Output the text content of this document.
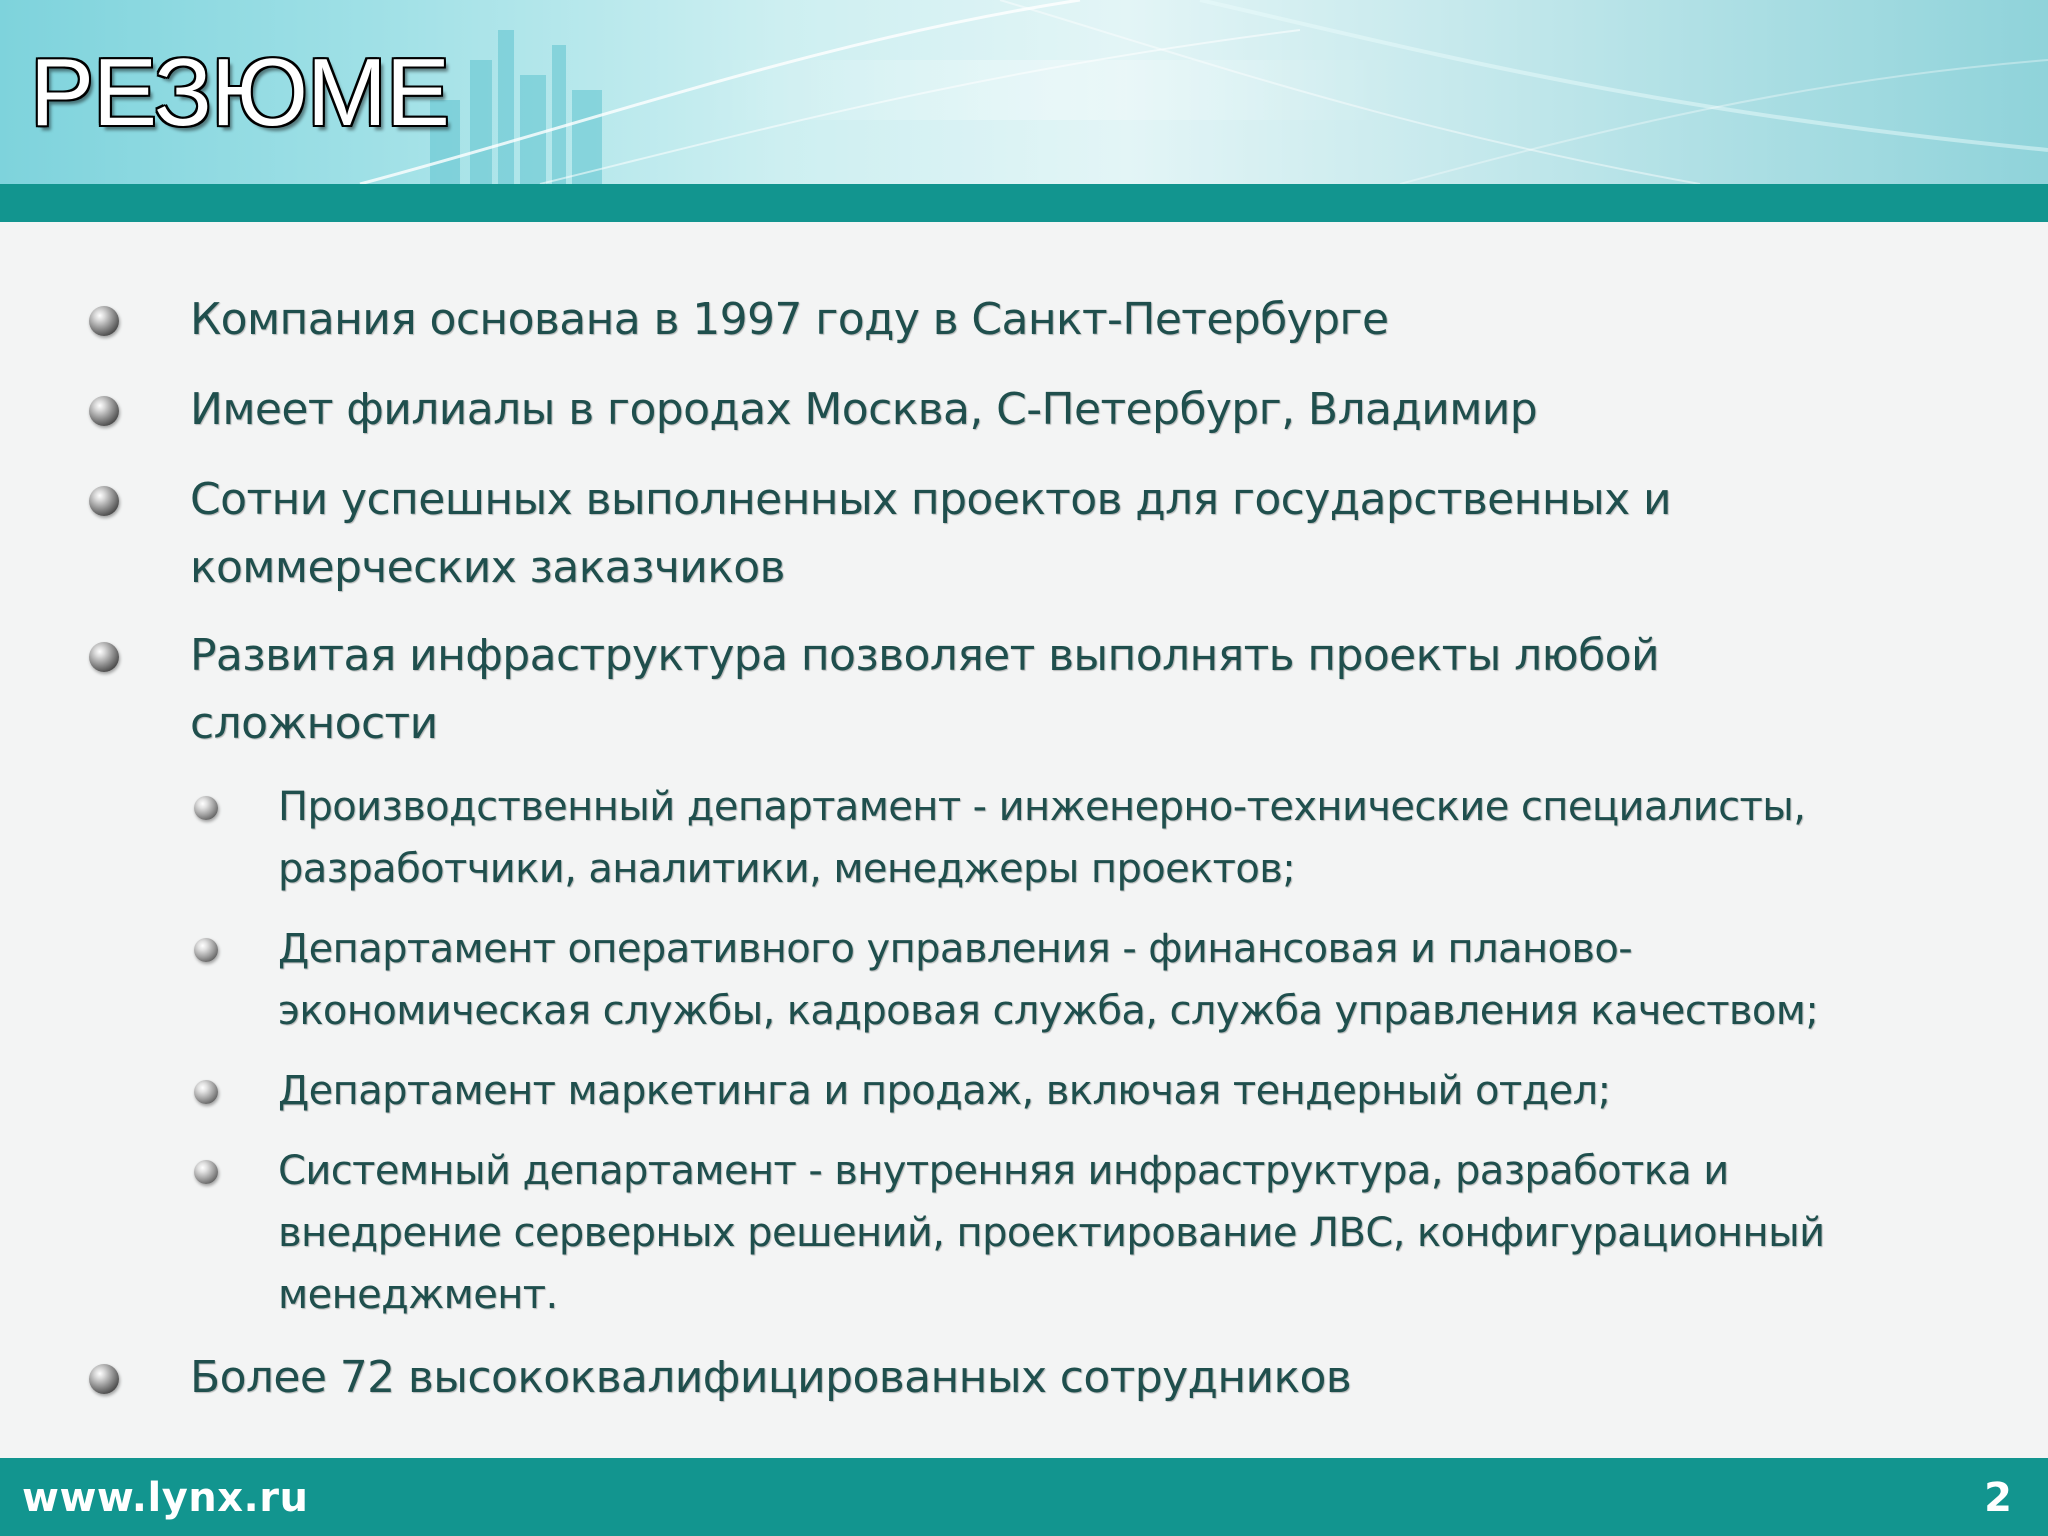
РЕЗЮМЕ

Компания основана в 1997 году в Санкт-Петербурге

Имеет филиалы в городах Москва, С-Петербург, Владимир

Сотни успешных выполненных проектов для государственных и коммерческих заказчиков

Развитая инфраструктура позволяет выполнять проекты любой сложности

Производственный департамент - инженерно-технические специалисты, разработчики, аналитики, менеджеры проектов;

Департамент оперативного управления - финансовая и планово-экономическая службы, кадровая служба, служба управления качеством;

Департамент маркетинга и продаж, включая тендерный отдел;

Системный департамент - внутренняя инфраструктура, разработка и внедрение серверных решений, проектирование ЛВС, конфигурационный менеджмент.

Более 72 высококвалифицированных сотрудников

www.lynx.ru	2
